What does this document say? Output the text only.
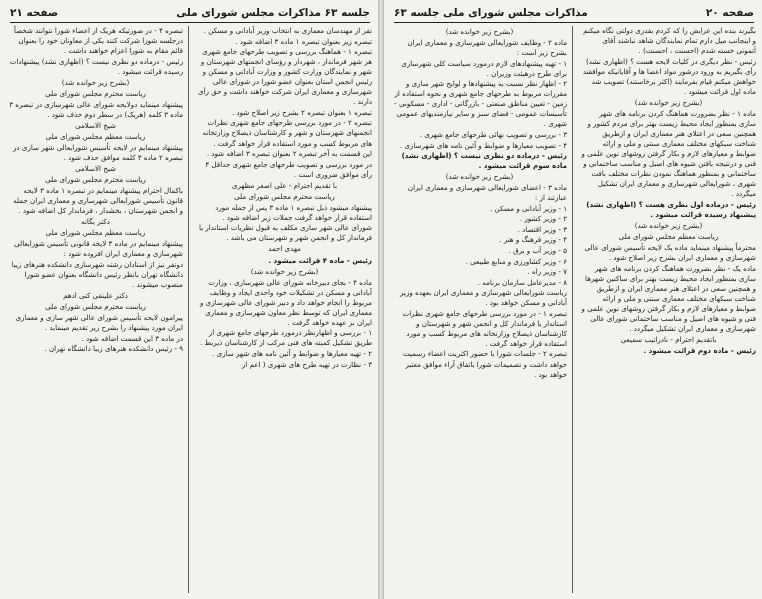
جلسه ۶۳ مذاکرات مجلس شورای ملی
صفحه ۲۱

نفر از مهندسان معماری به انتخاب وزیر آبادانی و مسکن .

تبصره زیر بعنوان تبصره ۱ ماده ۳ اضافه شود .

تبصره ۱ - هماهنگ بررسی و تصویب طرحهای جامع شهری هر شهر فرماندار ، شهردار و رؤسای انجمنهای شهرستان و شهر و نمایندگان وزارت کشور و وزارت آبادانی و مسکن و رئیس انجمن استان بعنوان عضو شورا در شورای عالی شهرسازی و معماری ایران شرکت خواهند داشت و حق رأی دارند .

تبصره ۱ بعنوان تبصره ۲ بشرح زیر اصلاح شود .

تبصره ۲ - در مورد بررسی طرحهای جامع شهری نظرات انجمنهای شهرستان و شهر و کارشناسان ذیصلاح وزارتخانه های مربوط کسب و مورد استفاده قرار خواهد گرفت .

این قسمت به آخر تبصره ۲ بعنوان تبصره ۳ اضافه شود .

در مورد بررسی و تصویب طرحهای جامع شهری حداقل ۴ رأی موافق ضروری است .

با تقدیم احترام - علی اصغر مظهری

ریاست محترم مجلس شورای ملی

پیشنهاد میشود ذیل تبصره ۱ ماده ۳ پس از جمله مورد استفاده قرار خواهد گرفت جملات زیر اضافه شود .

شورای عالی شهر سازی مکلف به قبول نظریات استاندار یا فرماندار کل و انجمن شهر و شهرستان می باشد .

مهدی احمد

رئیس - ماده ۴ قرائت میشود .

(بشرح زیر خوانده شد)

ماده ۴ - بجای دبیرخانه شورای عالی شهرسازی ، وزارت آبادانی و مسکن در تشکیلات خود واحدی ایجاد و وظایف مربوط را انجام خواهد داد و دبیر شورای عالی شهرسازی و معماری ایران که توسط نظر معاون شهرسازی و معماری ایران بر عهده خواهد گرفت .

۱ - بررسی و اظهارنظر درمورد طرحهای جامع شهری از طریق تشکیل کمیته های فنی مرکب از کارشناسان ذیربط .

۲ - تهیه معیارها و ضوابط و آئین نامه های شهر سازی .

۳ - نظارت در تهیه طرح های شهری ( اعم از

تبصره ۴ - در صورتیکه هریک از اعضاء شورا نتوانند شخصاً درجلسه شورا شرکت کنند یکی از معاونان خود را بعنوان قائم مقام به شورا اعزام خواهند داشت .

رئیس - درماده دو نظری نیست ؟ (اظهاری نشد) پیشنهادات رسیده قرائت میشود .

(بشرح زیر خوانده شد)

ریاست محترم مجلس شورای ملی

پیشنهاد مینماید دولایحه شورای عالی شهرسازی در تبصره ۳ ماده ۳ کلمه (هریک) در سطر دوم حذف شود .

شیخ الاسلامی

ریاست معظم مجلس شورای ملی

پیشنهاد مینمایم در لایحه تأسیس شورایعالی شهر سازی در تبصره ۲ ماده ۳ کلمه موافق حذف شود .

شیخ الاسلامی

ریاست محترم مجلس شورای ملی

باکمال احترام پیشنهاد مینمایم در تبصره ۱ ماده ۳ لایحه قانون تأسیس شورایعالی شهرسازی و معماری ایران جمله و انجمن شهرستان ، بخشدار ، فرماندار کل اضافه شود .

دکتر یگانه

ریاست معظم مجلس شورای ملی

پیشنهاد مینمایم در ماده ۳ لایحه قانونی تأسیس شورایعالی شهرسازی و معماری ایران افزوده شود :

دونفر نیز از استادان رشته شهرسازی دانشکده هنرهای زیبا دانشگاه تهران بانظر رئیس دانشگاه بعنوان عضو شورا منصوب میشوند .

دکتر علینقی کنی ادهم

ریاست محترم مجلس شورای ملی

پیرامون لایحه تأسیس شورای عالی شهر سازی و معماری ایران مورد پیشنهاد را بشرح زیر تقدیم مینماید .

در ماده ۳ این قسمت اضافه شود .

۹ - رئیس دانشکده هنرهای زیبا دانشگاه تهران .

صفحه ۲۰
مذاکرات مجلس شورای ملی جلسه ۶۳

بگیرند بنده این عرایض را که کردم بقدری دولتی نگاه میکنم و اینجانب میل دارم تمام نمایندگان شاهد نباشند آقای آتمونی خسته شدم (احسنت ، احسنت) .

رئیس - نظر دیگری در کلیات لایحه هست ؟ (اظهاری نشد) رأی بگیریم به ورود درشور مواد اعضا ها و آقایانیکه موافقند خواهش میکنم قیام بفرمایند (اکثر برخاستند) تصویب شد ماده اول قرائت میشود .

(بشرح زیر خوانده شد)

ماده ۱ - نظر بضرورت هماهنگ کردن برنامه های شهر سازی بمنظور ایجاد محیط زیست بهتر برای مردم کشور و همچنین سعی در اعتلای هنر معماری ایران و ازطریق شناخت سبکهای مختلف معماری سنتی و ملی و ارائه ضوابط و معیارهای لازم و بکار گرفتن روشهای نوین علمی و فنی و درنتیجه یافتن شیوه های اصیل و مناسب ساختمانی و ساختمانی و بمنظور هماهنگ نمودن نظرات مختلف بافت شهری ، شورایعالی شهرسازی و معماری ایران تشکیل میگردد .

رئیس - درماده اول نظری هست ؟ (اظهاری نشد) پیشنهاد رسیده قرائت میشود .

(بشرح زیر خوانده شد)

ریاست معظم مجلس شورای ملی

محترماً پیشنهاد مینماید ماده یک لایحه تأسیس شورای عالی شهرسازی و معماری ایران بشرح زیر اصلاح شود .

ماده یک - نظر بضرورت هماهنگ کردن برنامه های شهر سازی بمنظور ایجاد محیط زیست بهتر برای ساکنین شهرها و همچنین سعی در اعتلای هنر معماری ایران و ازطریق شناخت سبکهای مختلف معماری سنتی و ملی و ارائه ضوابط و معیارهای لازم و بکار گرفتن روشهای نوین علمی و فنی و شیوه های اصیل و مناسب ساختمانی شورای عالی شهرسازی و معماری ایران تشکیل میگردد .

باتقدیم احترام - نادراتیب سمیعی

رئیس - ماده دوم قرائت میشود .

(بشرح زیر خوانده شد)

ماده ۲ - وظایف شورایعالی شهرسازی و معماری ایران بشرح زیر است :

۱ - تهیه پیشنهادهای لازم درمورد سیاست کلی شهرسازی برای طرح درهیئت وزیران .

۲ - اظهار نظر نسبت به پیشنهادها و لوایح شهر سازی و مقررات مربوط به طرحهای جامع شهری و نحوه استفاده از زمین - تعیین مناطق صنعتی - بازرگانی - اداری - مسکونی - تأسیسات عمومی - فضای سبز و سایر نیازمندیهای عمومی شهری .

۳ - بررسی و تصویب نهائی طرحهای جامع شهری .

۴ - تصویب معیارها و ضوابط و آئین نامه های شهرسازی .

رئیس - درماده دو نظری نیست ؟ (اظهاری نشد) ماده سوم قرائت میشود .

(بشرح زیر خوانده شد)

ماده ۳ - اعضای شورایعالی شهرسازی و معماری ایران عبارتند از :

۱ - وزیر آبادانی و مسکن .

۲ - وزیر کشور .

۳ - وزیر اقتصاد .

۴ - وزیر فرهنگ و هنر .

۵ - وزیر آب و برق .

۶ - وزیر کشاورزی و منابع طبیعی .

۷ - وزیر راه .

۸ - مدیرعامل سازمان برنامه .

ریاست شورایعالی شهرسازی و معماری ایران بعهده وزیر آبادانی و مسکن خواهد بود .

تبصره ۱ - در مورد بررسی طرحهای جامع شهری نظرات استاندار یا فرماندار کل و انجمن شهر و شهرستان و کارشناسان ذیصلاح وزارتخانه های مربوط کسب و مورد استفاده قرار خواهد گرفت .

تبصره ۲ - جلسات شورا با حضور اکثریت اعضاء رسمیت خواهد داشت و تصمیمات شورا باتفاق آراء موافق معتبر خواهد بود .
